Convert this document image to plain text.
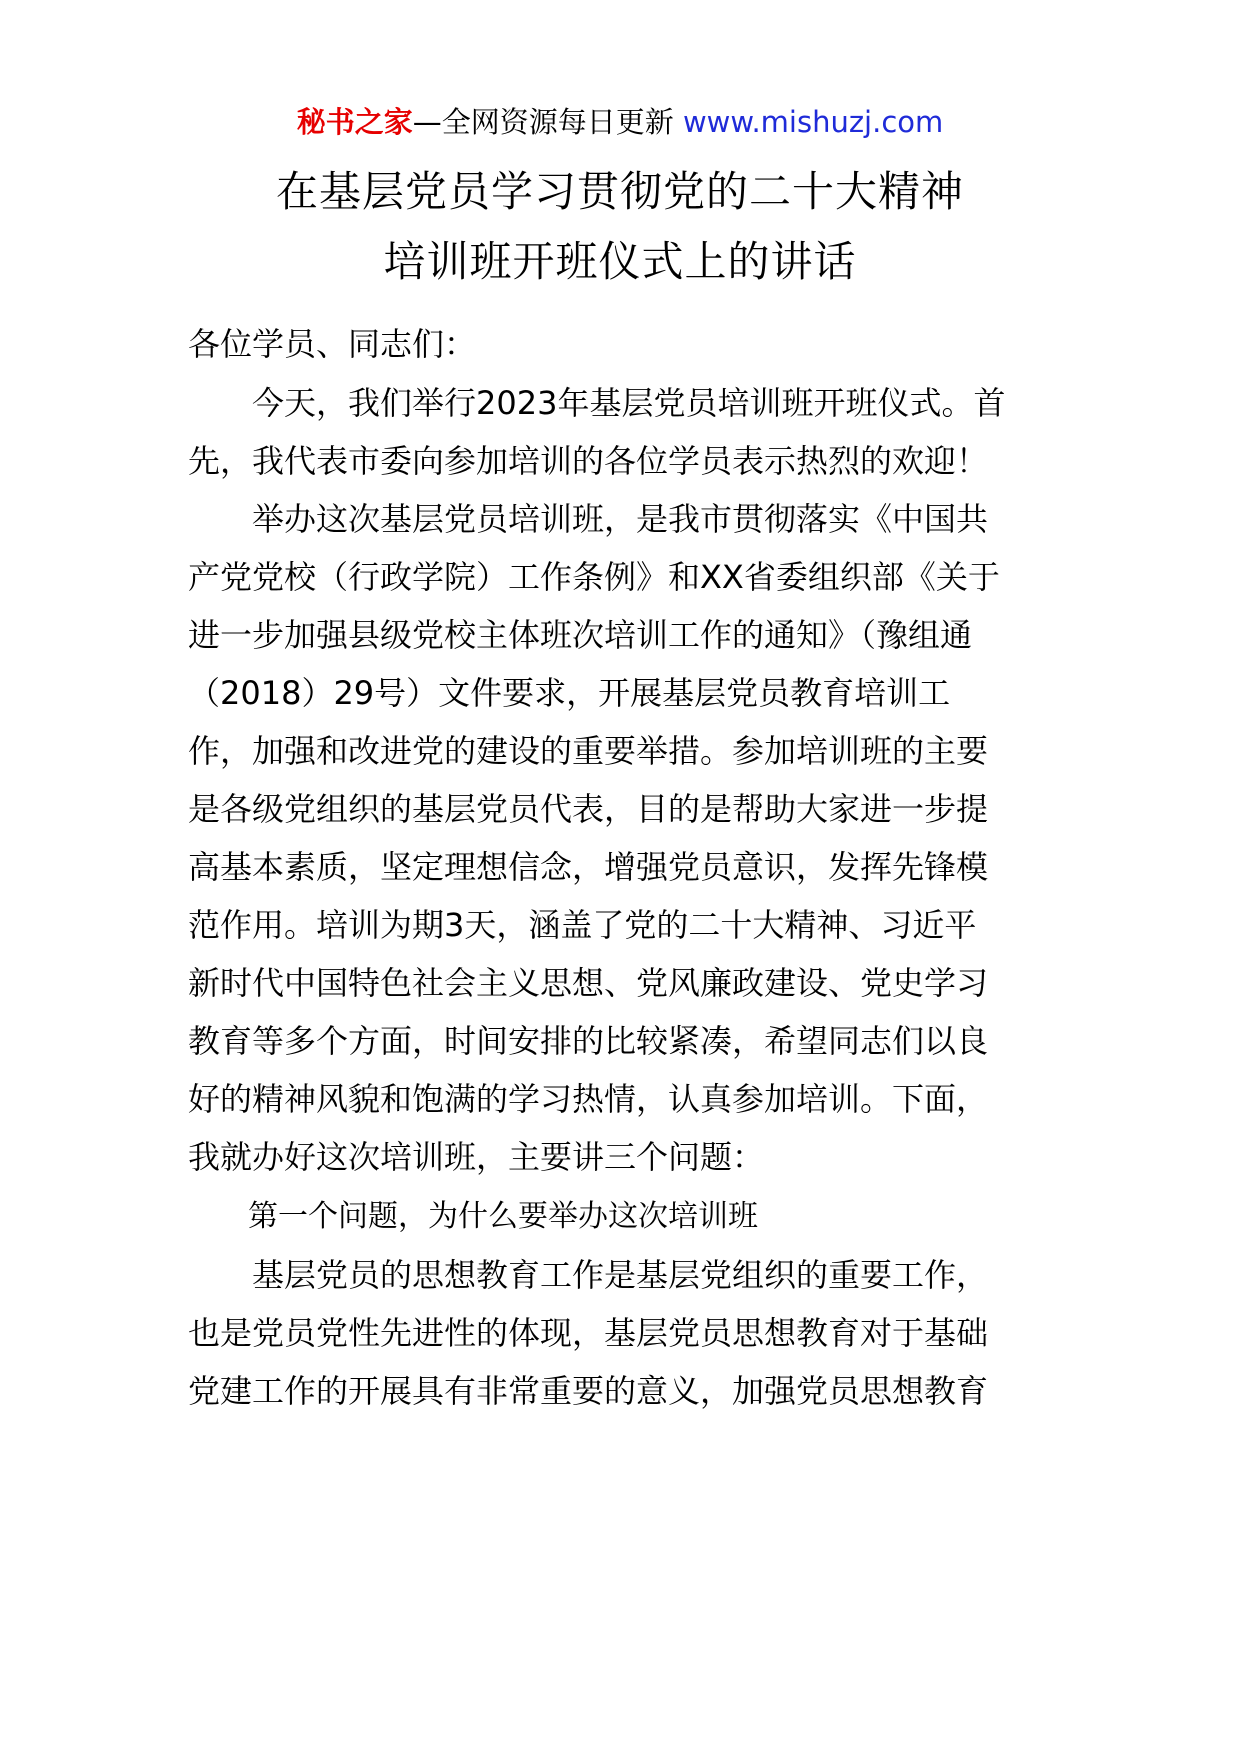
秘书之家—全网资源每日更新 www.mishuzj.com
在基层党员学习贯彻党的二十大精神
培训班开班仪式上的讲话
各位学员、同志们：
　　今天，我们举行2023年基层党员培训班开班仪式。首
先，我代表市委向参加培训的各位学员表示热烈的欢迎！
　　举办这次基层党员培训班，是我市贯彻落实《中国共
产党党校（行政学院）工作条例》和XX省委组织部《关于
进一步加强县级党校主体班次培训工作的通知》（豫组通
（2018）29号）文件要求，开展基层党员教育培训工
作，加强和改进党的建设的重要举措。参加培训班的主要
是各级党组织的基层党员代表，目的是帮助大家进一步提
高基本素质，坚定理想信念，增强党员意识，发挥先锋模
范作用。培训为期3天，涵盖了党的二十大精神、习近平
新时代中国特色社会主义思想、党风廉政建设、党史学习
教育等多个方面，时间安排的比较紧凑，希望同志们以良
好的精神风貌和饱满的学习热情，认真参加培训。下面，
我就办好这次培训班，主要讲三个问题：
　　第一个问题，为什么要举办这次培训班
　　基层党员的思想教育工作是基层党组织的重要工作，
也是党员党性先进性的体现，基层党员思想教育对于基础
党建工作的开展具有非常重要的意义，加强党员思想教育
